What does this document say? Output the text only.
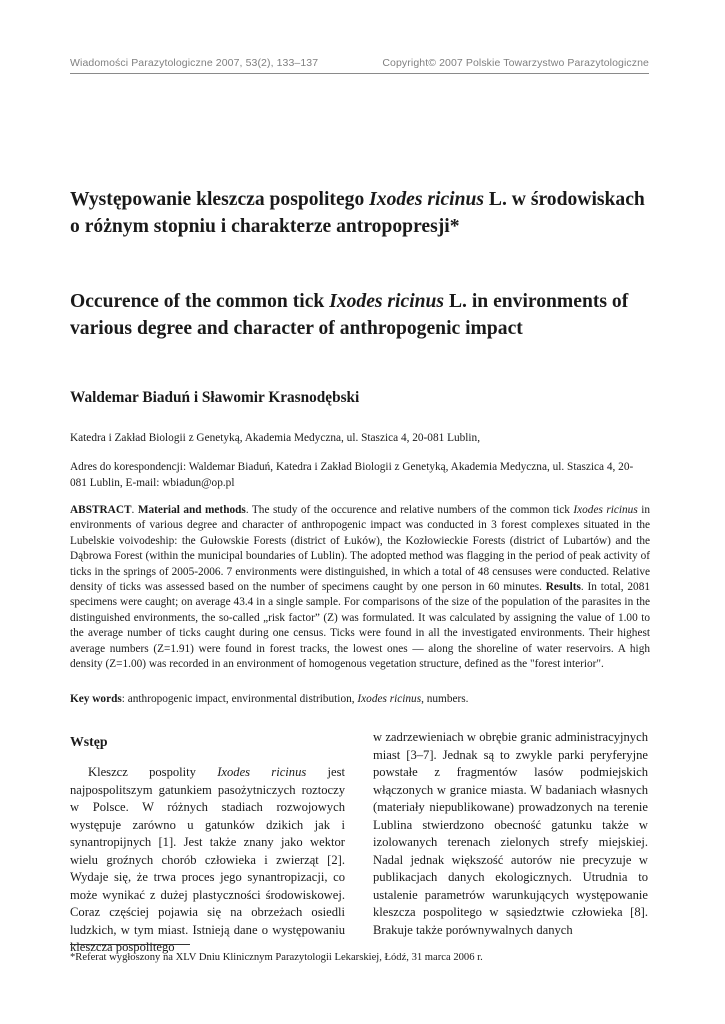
Wiadomości Parazytologiczne 2007, 53(2), 133–137	Copyright© 2007 Polskie Towarzystwo Parazytologiczne
Występowanie kleszcza pospolitego Ixodes ricinus L. w środowiskach o różnym stopniu i charakterze antropopresji*
Occurence of the common tick Ixodes ricinus L. in environments of various degree and character of anthropogenic impact
Waldemar Biaduń i Sławomir Krasnodębski
Katedra i Zakład Biologii z Genetyką, Akademia Medyczna, ul. Staszica 4, 20-081 Lublin,
Adres do korespondencji: Waldemar Biaduń, Katedra i Zakład Biologii z Genetyką, Akademia Medyczna, ul. Staszica 4, 20-081 Lublin, E-mail: wbiadun@op.pl

ABSTRACT. Material and methods. The study of the occurence and relative numbers of the common tick Ixodes ricinus in environments of various degree and character of anthropogenic impact was conducted in 3 forest complexes situated in the Lubelskie voivodeship: the Gułowskie Forests (district of Łuków), the Kozłowieckie Forests (district of Lubartów) and the Dąbrowa Forest (within the municipal boundaries of Lublin). The adopted method was flagging in the period of peak activity of ticks in the springs of 2005-2006. 7 environments were distinguished, in which a total of 48 censuses were conducted. Relative density of ticks was assessed based on the number of specimens caught by one person in 60 minutes. Results. In total, 2081 specimens were caught; on average 43.4 in a single sample. For comparisons of the size of the population of the parasites in the distinguished environments, the so-called „risk factor” (Z) was formulated. It was calculated by assigning the value of 1.00 to the average number of ticks caught during one census. Ticks were found in all the investigated environments. Their highest average numbers (Z=1.91) were found in forest tracks, the lowest ones — along the shoreline of water reservoirs. A high density (Z=1.00) was recorded in an environment of homogenous vegetation structure, defined as the "forest interior".

Key words: anthropogenic impact, environmental distribution, Ixodes ricinus, numbers.
Wstęp

Kleszcz pospolity Ixodes ricinus jest najpospolitszym gatunkiem pasożytniczych roztoczy w Polsce. W różnych stadiach rozwojowych występuje zarówno u gatunków dzikich jak i synantropijnych [1]. Jest także znany jako wektor wielu groźnych chorób człowieka i zwierząt [2]. Wydaje się, że trwa proces jego synantropizacji, co może wynikać z dużej plastyczności środowiskowej. Coraz częściej pojawia się na obrzeżach osiedli ludzkich, w tym miast. Istnieją dane o występowaniu kleszcza pospolitego

w zadrzewieniach w obrębie granic administracyjnych miast [3–7]. Jednak są to zwykle parki peryferyjne powstałe z fragmentów lasów podmiejskich włączonych w granice miasta. W badaniach własnych (materiały niepublikowane) prowadzonych na terenie Lublina stwierdzono obecność gatunku także w izolowanych terenach zielonych strefy miejskiej. Nadal jednak większość autorów nie precyzuje w publikacjach danych ekologicznych. Utrudnia to ustalenie parametrów warunkujących występowanie kleszcza pospolitego w sąsiedztwie człowieka [8]. Brakuje także porównywalnych danych

*Referat wygłoszony na XLV Dniu Klinicznym Parazytologii Lekarskiej, Łódź, 31 marca 2006 r.
